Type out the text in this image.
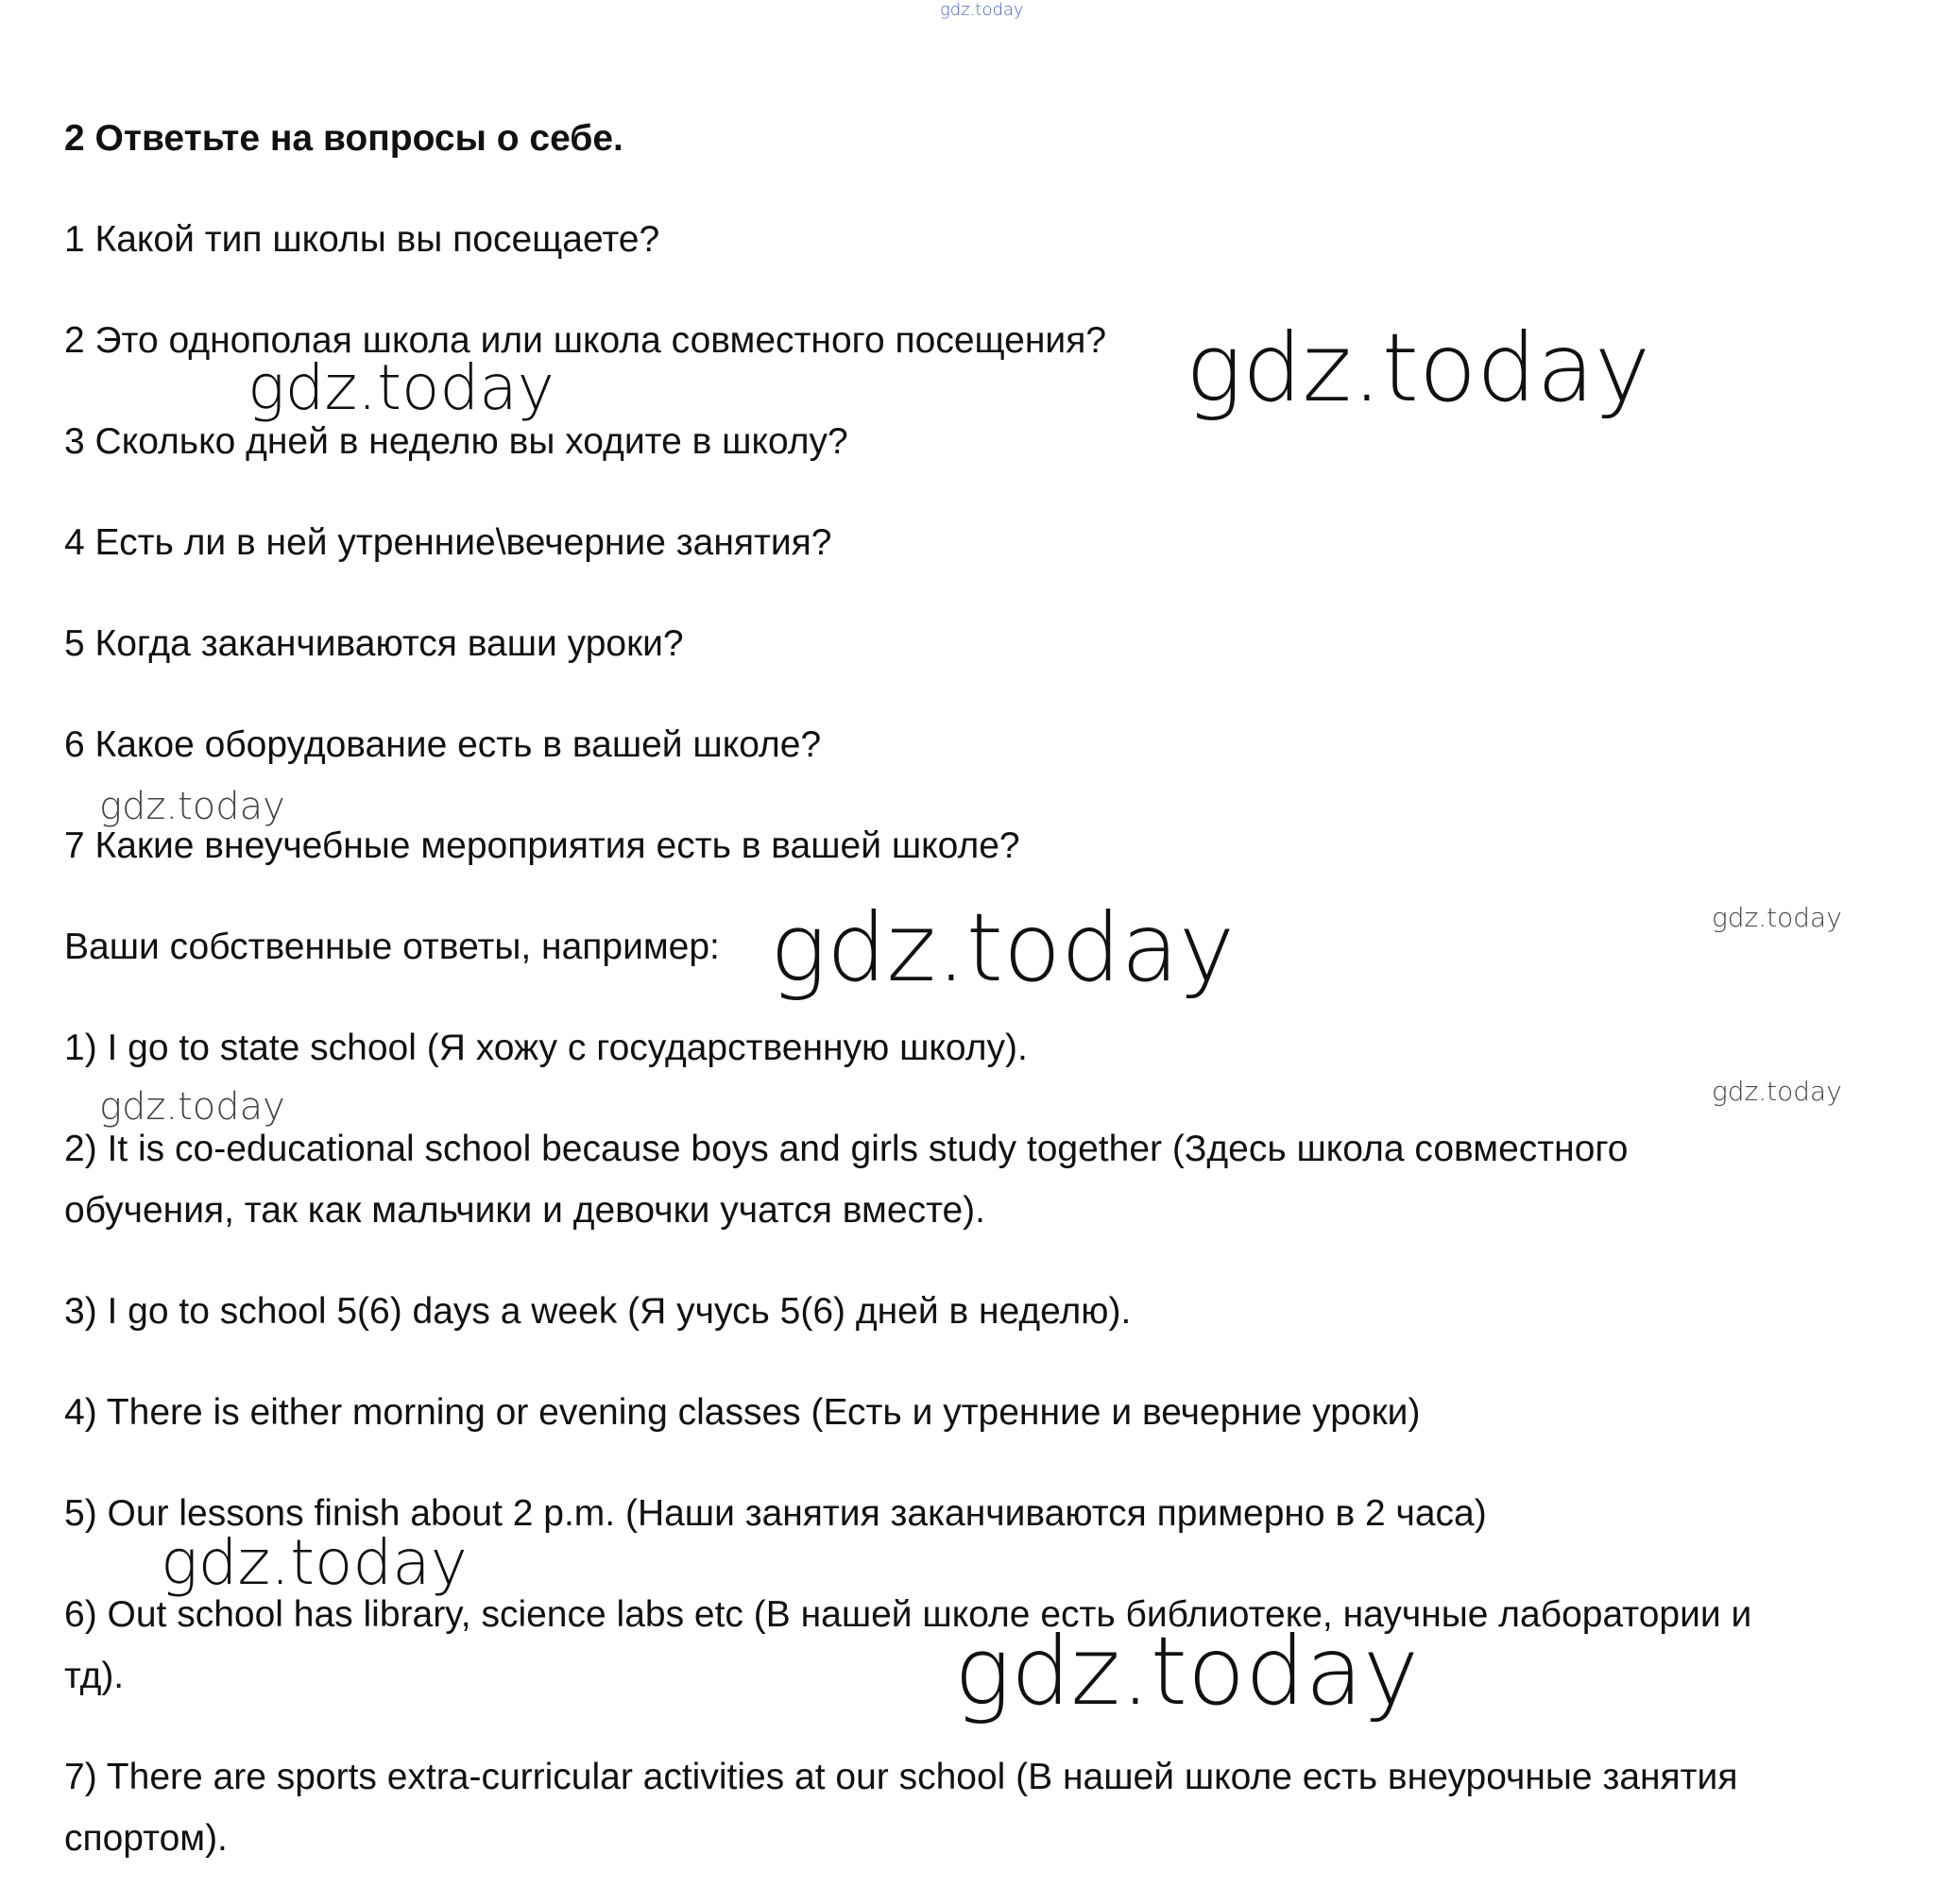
gdz.today

2 Ответьте на вопросы о себе.

1 Какой тип школы вы посещаете?

2 Это однополая школа или школа совместного посещения?

3 Сколько дней в неделю вы ходите в школу?

4 Есть ли в ней утренние\вечерние занятия?

5 Когда заканчиваются ваши уроки?

6 Какое оборудование есть в вашей школе?

7 Какие внеучебные мероприятия есть в вашей школе?

Ваши собственные ответы, например:

1) I go to state school (Я хожу с государственную школу).

2) It is co-educational school because boys and girls study together (Здесь школа совместного

обучения, так как мальчики и девочки учатся вместе).

3) I go to school 5(6) days a week (Я учусь 5(6) дней в неделю).

4) There is either morning or evening classes (Есть и утренние и вечерние уроки)

5) Our lessons finish about 2 p.m. (Наши занятия заканчиваются примерно в 2 часа)

6) Out school has library, science labs etc (В нашей школе есть библиотеке, научные лаборатории и

тд).

7) There are sports extra-curricular activities at our school (В нашей школе есть внеурочные занятия

спортом).

gdz.today
gdz.today
gdz.today
gdz.today
gdz.today
gdz.today	gdz.today
gdz.today
gdz.today
